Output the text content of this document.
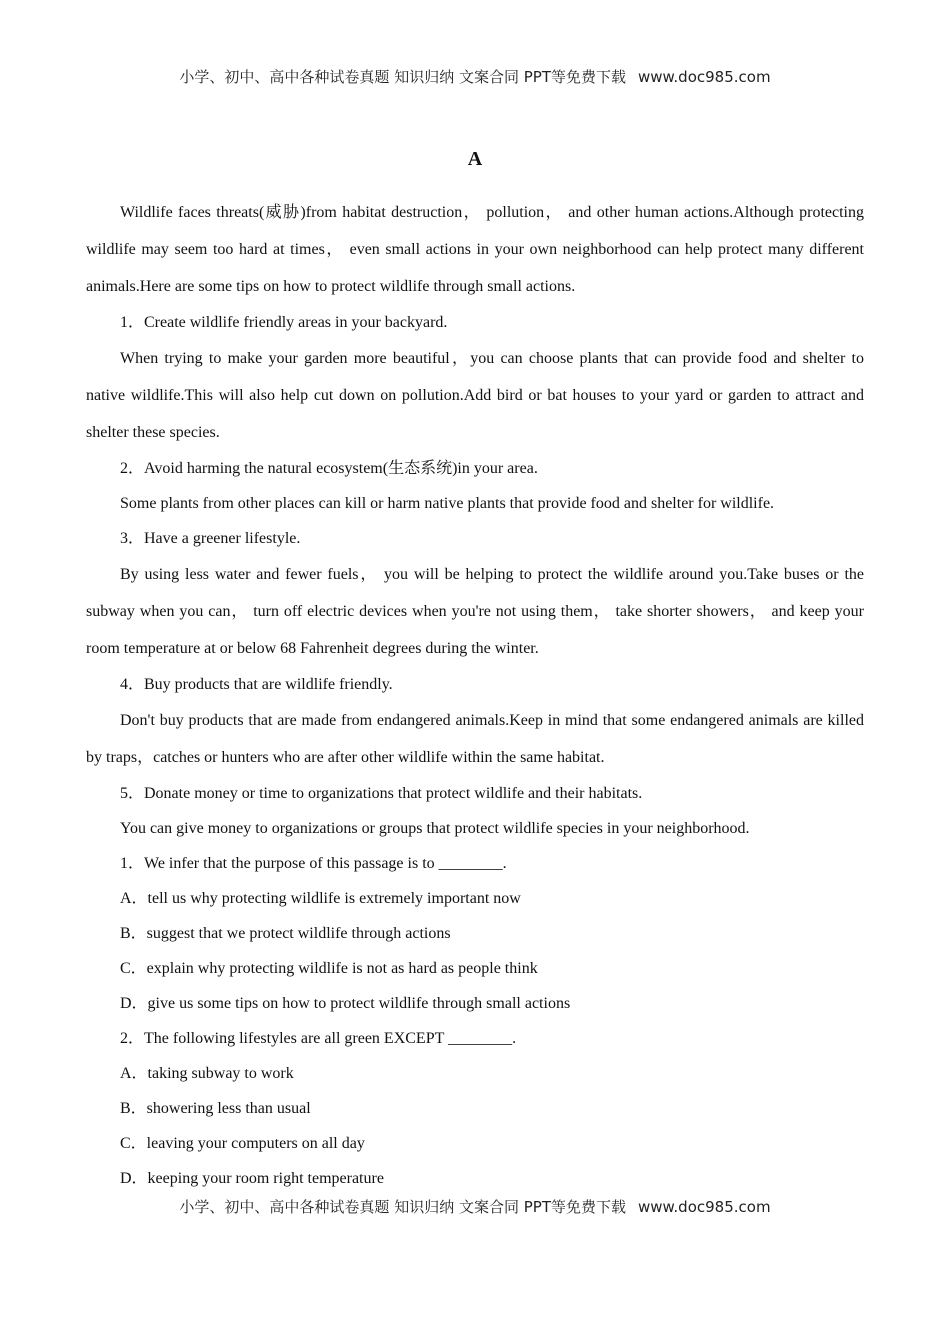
小学、初中、高中各种试卷真题 知识归纳 文案合同 PPT等免费下载 www.doc985.com
A

Wildlife faces threats(威胁)from habitat destruction， pollution， and other human actions.Although protecting wildlife may seem too hard at times， even small actions in your own neighborhood can help protect many different animals.Here are some tips on how to protect wildlife through small actions.

1．Create wildlife friendly areas in your backyard.

When trying to make your garden more beautiful，you can choose plants that can provide food and shelter to native wildlife.This will also help cut down on pollution.Add bird or bat houses to your yard or garden to attract and shelter these species.

2．Avoid harming the natural ecosystem(生态系统)in your area.

Some plants from other places can kill or harm native plants that provide food and shelter for wildlife.

3．Have a greener lifestyle.

By using less water and fewer fuels， you will be helping to protect the wildlife around you.Take buses or the subway when you can， turn off electric devices when you're not using them， take shorter showers， and keep your room temperature at or below 68 Fahrenheit degrees during the winter.

4．Buy products that are wildlife friendly.

Don't buy products that are made from endangered animals.Keep in mind that some endangered animals are killed by traps，catches or hunters who are after other wildlife within the same habitat.

5．Donate money or time to organizations that protect wildlife and their habitats.

You can give money to organizations or groups that protect wildlife species in your neighborhood.

1．We infer that the purpose of this passage is to ________.

A．tell us why protecting wildlife is extremely important now

B．suggest that we protect wildlife through actions

C．explain why protecting wildlife is not as hard as people think

D．give us some tips on how to protect wildlife through small actions

2．The following lifestyles are all green EXCEPT ________.

A．taking subway to work

B．showering less than usual

C．leaving your computers on all day

D．keeping your room right temperature

小学、初中、高中各种试卷真题 知识归纳 文案合同 PPT等免费下载 www.doc985.com
